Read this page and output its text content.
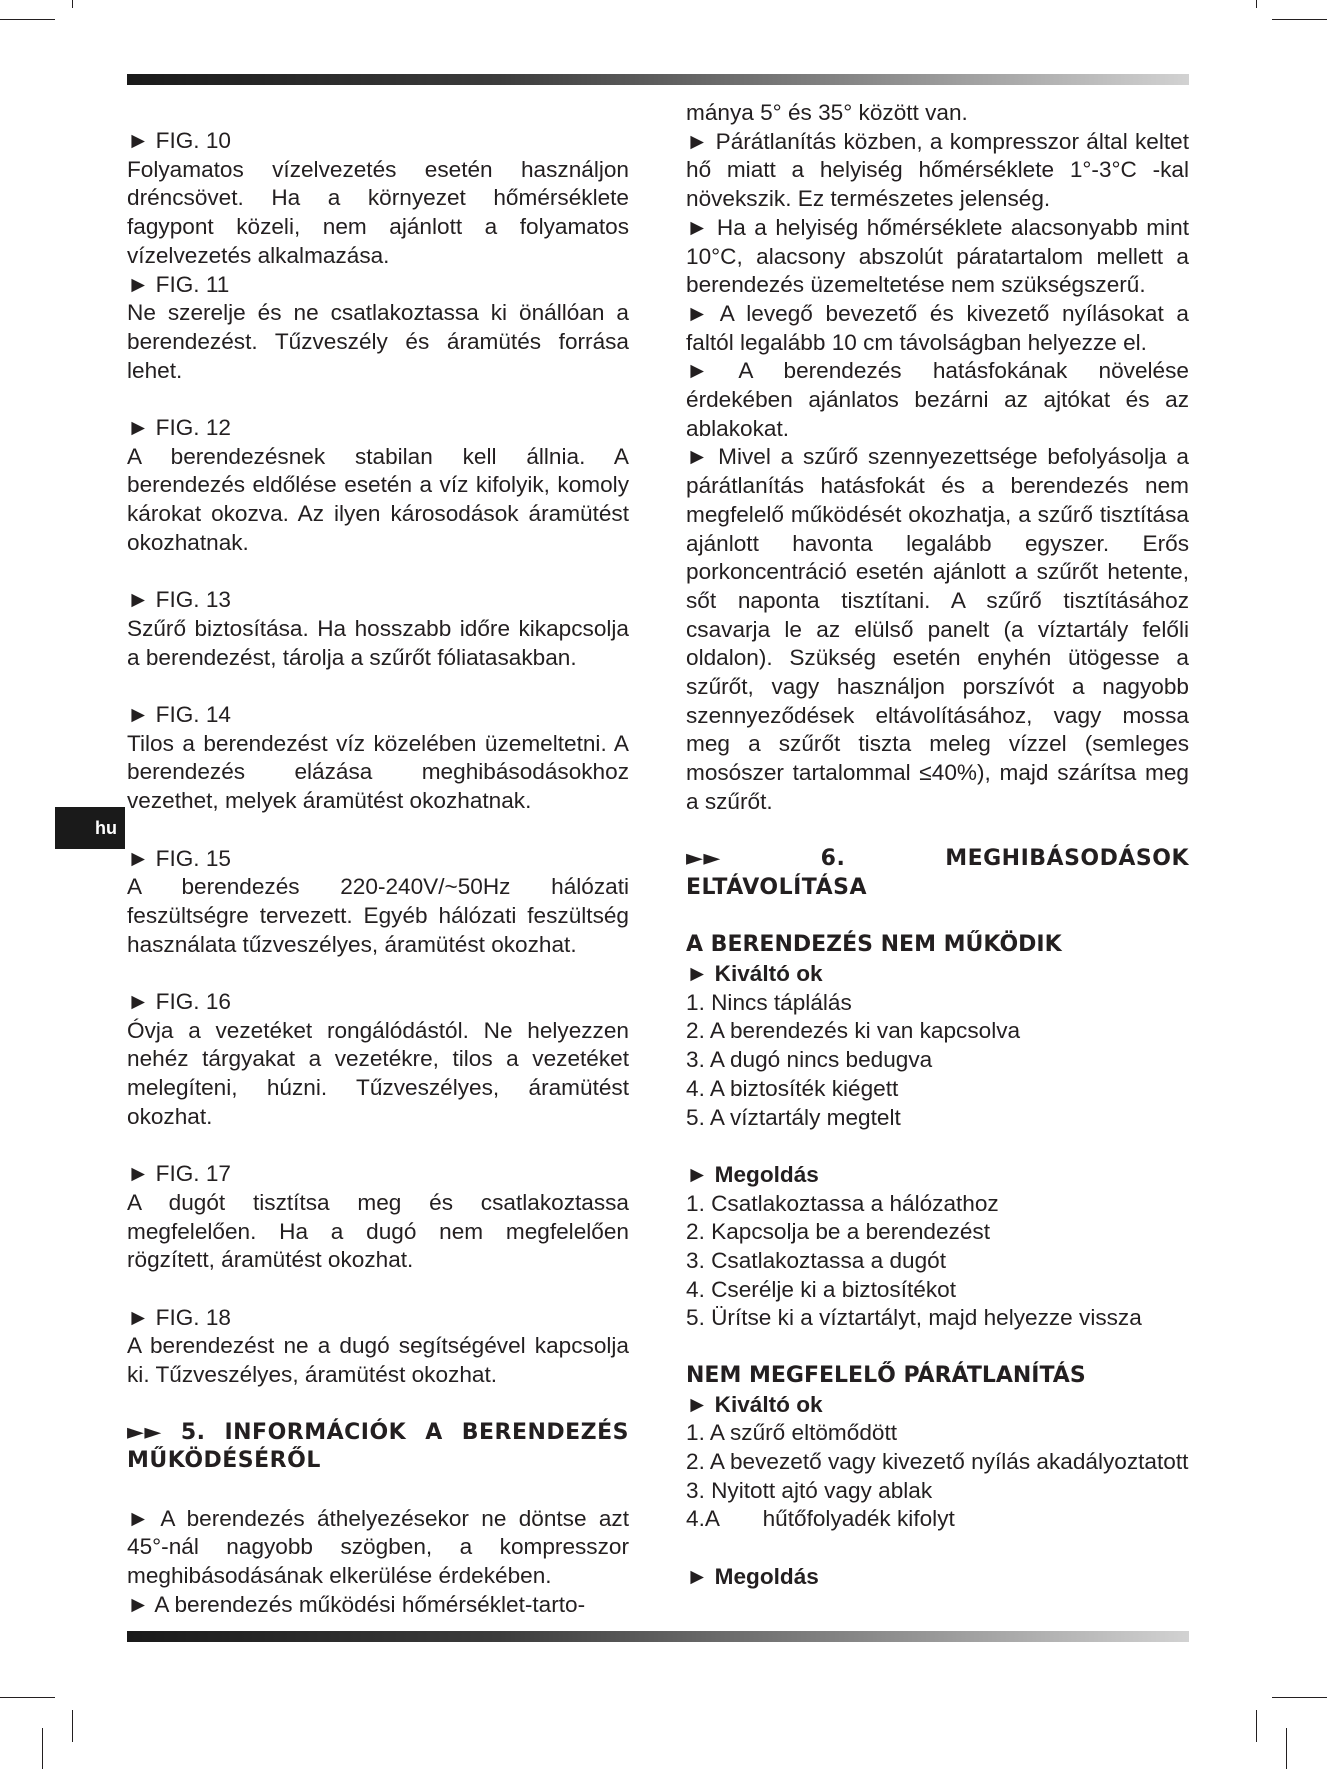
hu

► FIG. 10

Folyamatos vízelvezetés esetén használjon dréncsövet. Ha a környezet hőmérséklete fagypont közeli, nem ajánlott a folyamatos vízelvezetés alkalmazása.

► FIG. 11

Ne szerelje és ne csatlakoztassa ki önállóan a berendezést. Tűzveszély és áramütés forrása lehet.

► FIG. 12

A berendezésnek stabilan kell állnia. A berendezés eldőlése esetén a víz kifolyik, komoly károkat okozva. Az ilyen károsodások áramütést okozhatnak.

► FIG. 13

Szűrő biztosítása. Ha hosszabb időre kikapcsolja a berendezést, tárolja a szűrőt fóliatasakban.

► FIG. 14

Tilos a berendezést víz közelében üzemeltetni. A berendezés elázása meghibásodásokhoz vezethet, melyek áramütést okozhatnak.

► FIG. 15

A berendezés 220-240V/~50Hz hálózati feszültségre tervezett. Egyéb hálózati feszültség használata tűzveszélyes, áramütést okozhat.

► FIG. 16

Óvja a vezetéket rongálódástól. Ne helyezzen nehéz tárgyakat a vezetékre, tilos a vezetéket melegíteni, húzni. Tűzveszélyes, áramütést okozhat.

► FIG. 17

A dugót tisztítsa meg és csatlakoztassa megfelelően. Ha a dugó nem megfelelően rögzített, áramütést okozhat.

► FIG. 18

A berendezést ne a dugó segítségével kapcsolja ki. Tűzveszélyes, áramütést okozhat.

►► 5. INFORMÁCIÓK A BERENDEZÉS MŰKÖDÉSÉRŐL

► A berendezés áthelyezésekor ne döntse azt 45°-nál nagyobb szögben, a kompresszor meghibásodásának elkerülése érdekében.

► A berendezés működési hőmérséklet-tarto-

mánya 5° és 35° között van.

► Párátlanítás közben, a kompresszor által keltet hő miatt a helyiség hőmérséklete 1°-3°C -kal növekszik. Ez természetes jelenség.

► Ha a helyiség hőmérséklete alacsonyabb mint 10°C, alacsony abszolút páratartalom mellett a berendezés üzemeltetése nem szükségszerű.

► A levegő bevezető és kivezető nyílásokat a faltól legalább 10 cm távolságban helyezze el.

► A berendezés hatásfokának növelése érdekében ajánlatos bezárni az ajtókat és az ablakokat.

► Mivel a szűrő szennyezettsége befolyásolja a párátlanítás hatásfokát és a berendezés nem megfelelő működését okozhatja, a szűrő tisztítása ajánlott havonta legalább egyszer. Erős porkoncentráció esetén ajánlott a szűrőt hetente, sőt naponta tisztítani. A szűrő tisztításához csavarja le az elülső panelt (a víztartály felőli oldalon). Szükség esetén enyhén ütögesse a szűrőt, vagy használjon porszívót a nagyobb szennyeződések eltávolításához, vagy mossa meg a szűrőt tiszta meleg vízzel (semleges mosószer tartalommal ≤40%), majd szárítsa meg a szűrőt.

►► 6. MEGHIBÁSODÁSOK ELTÁVOLÍTÁSA
A BERENDEZÉS NEM MŰKÖDIK

► Kiváltó ok

1. Nincs táplálás
2. A berendezés ki van kapcsolva
3. A dugó nincs bedugva
4. A biztosíték kiégett
5. A víztartály megtelt

► Megoldás

1. Csatlakoztassa a hálózathoz
2. Kapcsolja be a berendezést
3. Csatlakoztassa a dugót
4. Cserélje ki a biztosítékot
5. Ürítse ki a víztartályt, majd helyezze vissza
NEM MEGFELELŐ PÁRÁTLANÍTÁS

► Kiváltó ok

1. A szűrő eltömődött
2. A bevezető vagy kivezető nyílás akadályoztatott
3. Nyitott ajtó vagy ablak
4.A       hűtőfolyadék kifolyt

► Megoldás
